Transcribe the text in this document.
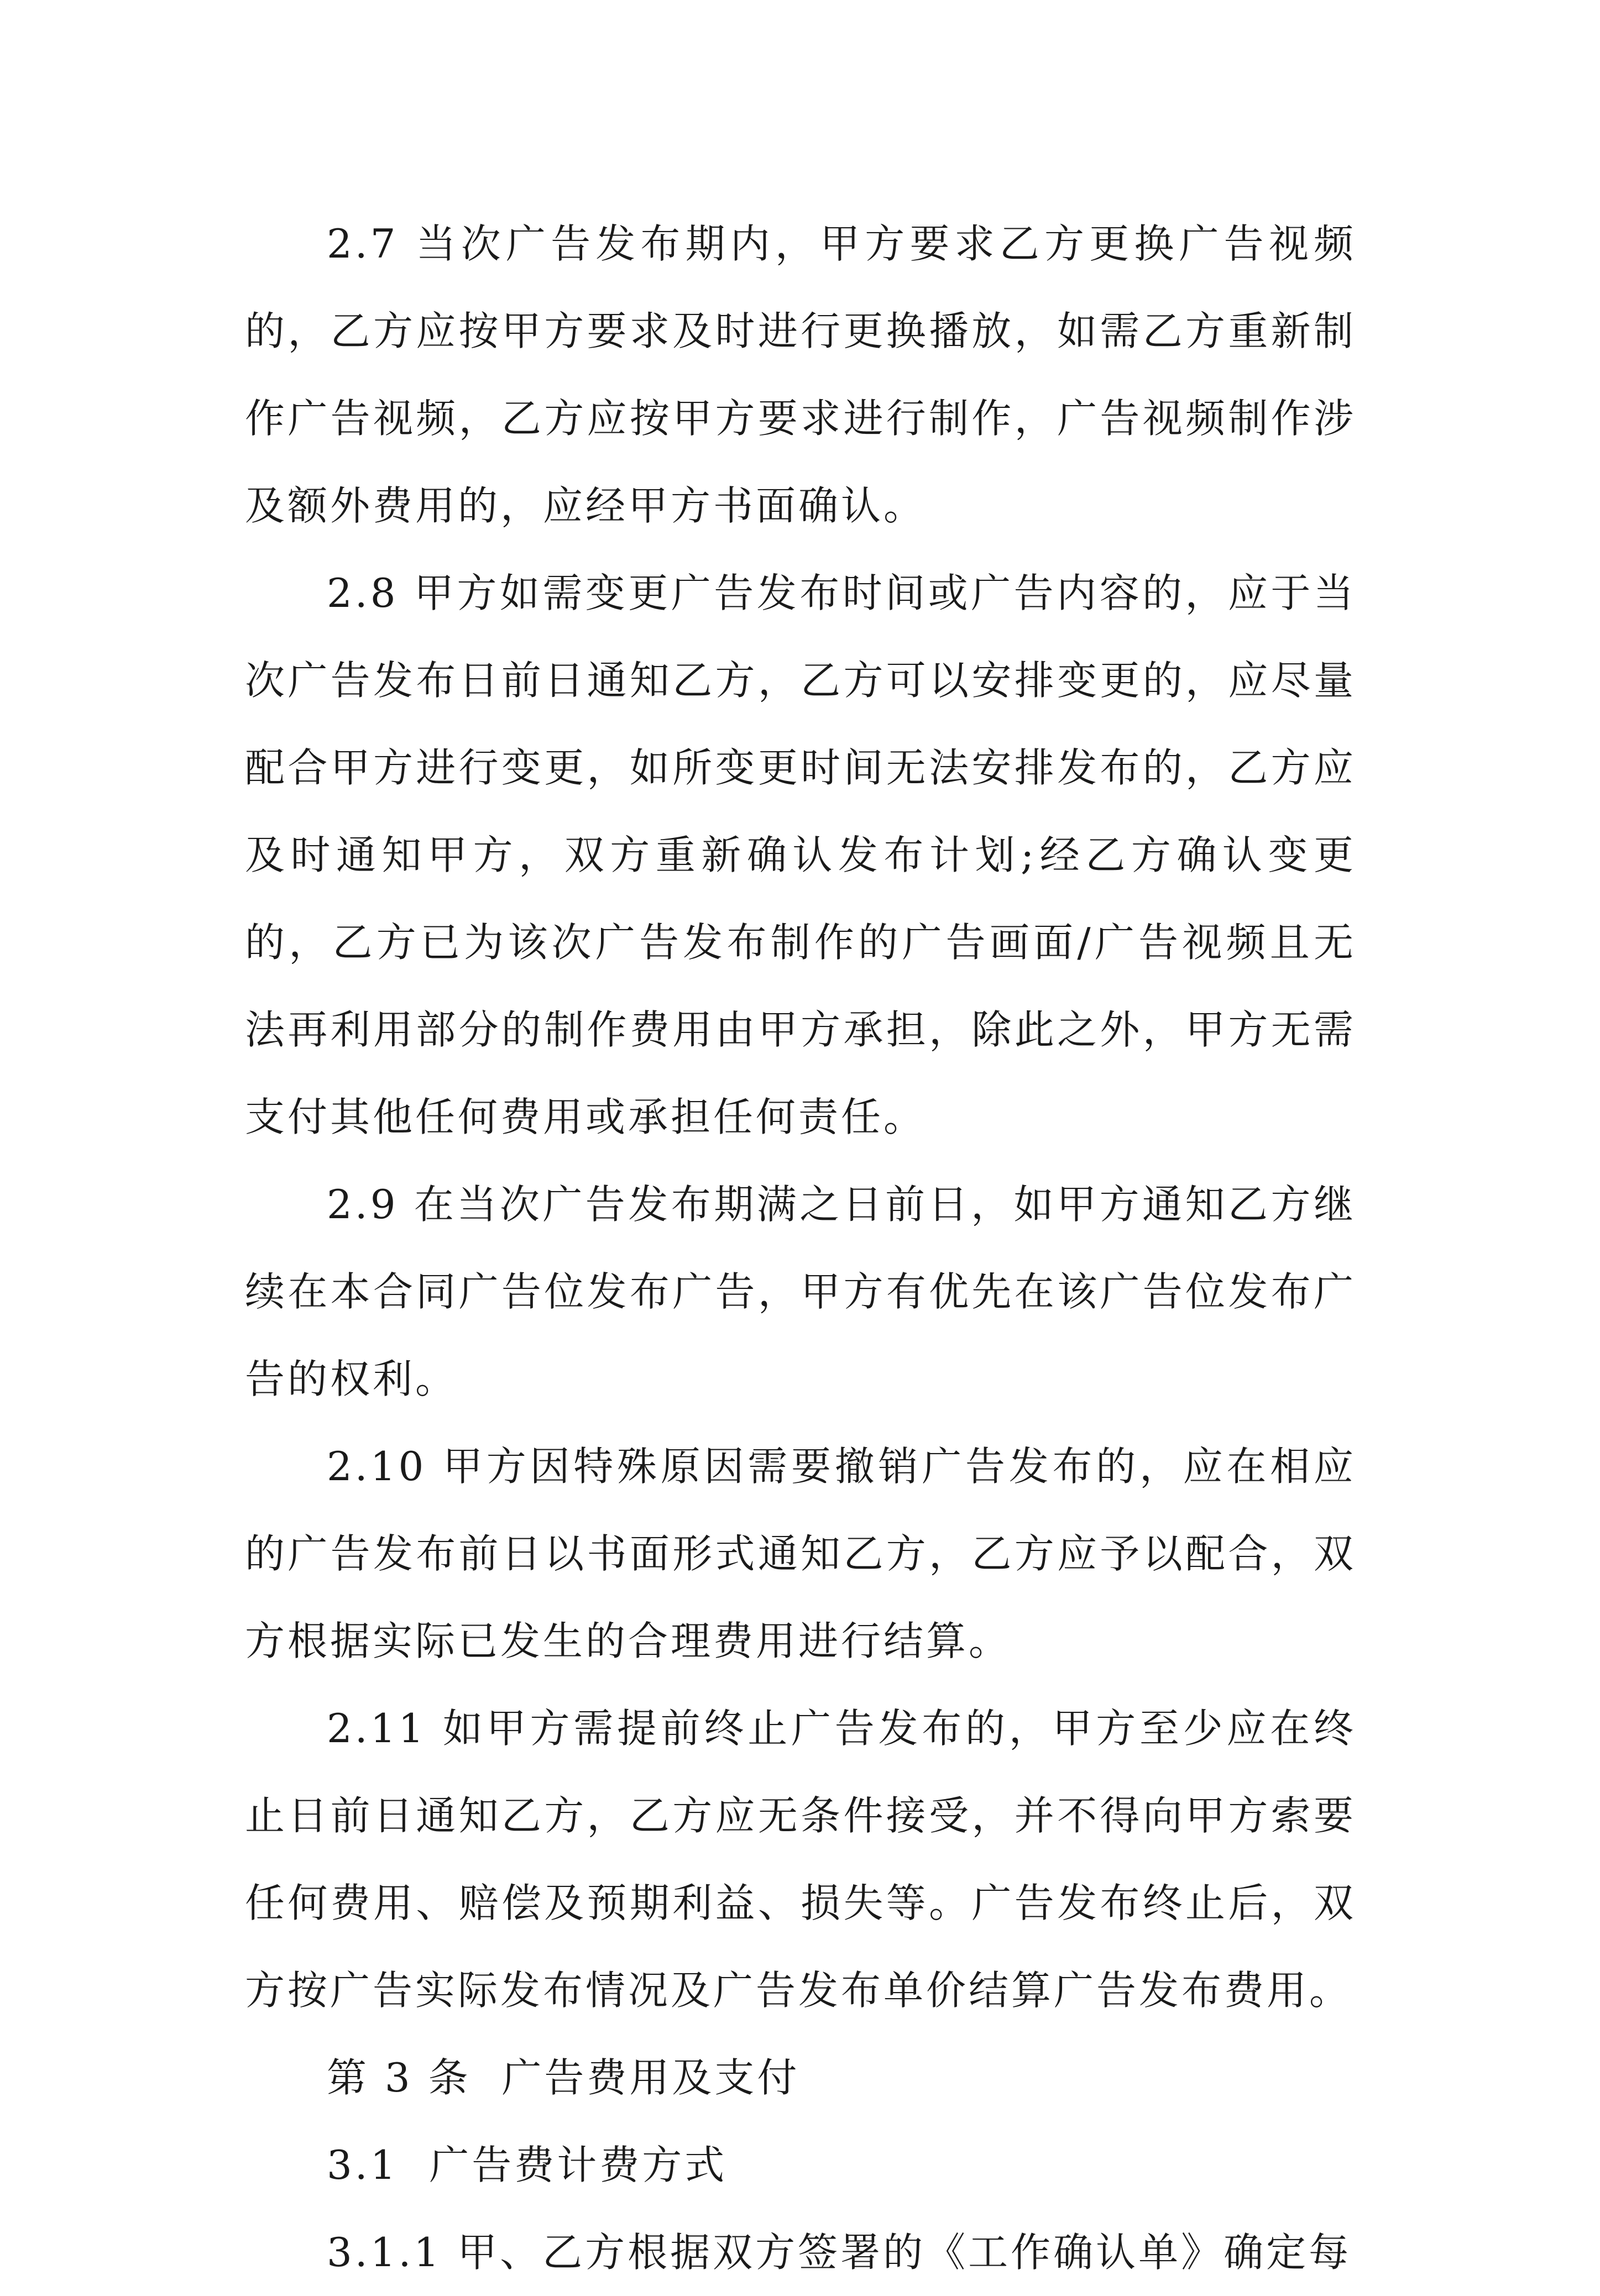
2.7 当次广告发布期内，甲方要求乙方更换广告视频的，乙方应按甲方要求及时进行更换播放，如需乙方重新制作广告视频，乙方应按甲方要求进行制作，广告视频制作涉及额外费用的，应经甲方书面确认。

2.8 甲方如需变更广告发布时间或广告内容的，应于当次广告发布日前日通知乙方，乙方可以安排变更的，应尽量配合甲方进行变更，如所变更时间无法安排发布的，乙方应及时通知甲方，双方重新确认发布计划;经乙方确认变更的，乙方已为该次广告发布制作的广告画面/广告视频且无法再利用部分的制作费用由甲方承担，除此之外，甲方无需支付其他任何费用或承担任何责任。

2.9 在当次广告发布期满之日前日，如甲方通知乙方继续在本合同广告位发布广告，甲方有优先在该广告位发布广告的权利。

2.10 甲方因特殊原因需要撤销广告发布的，应在相应的广告发布前日以书面形式通知乙方，乙方应予以配合，双方根据实际已发生的合理费用进行结算。

2.11 如甲方需提前终止广告发布的，甲方至少应在终止日前日通知乙方，乙方应无条件接受，并不得向甲方索要任何费用、赔偿及预期利益、损失等。广告发布终止后，双方按广告实际发布情况及广告发布单价结算广告发布费用。

第 3 条  广告费用及支付

3.1  广告费计费方式

3.1.1 甲、乙方根据双方签署的《工作确认单》确定每
